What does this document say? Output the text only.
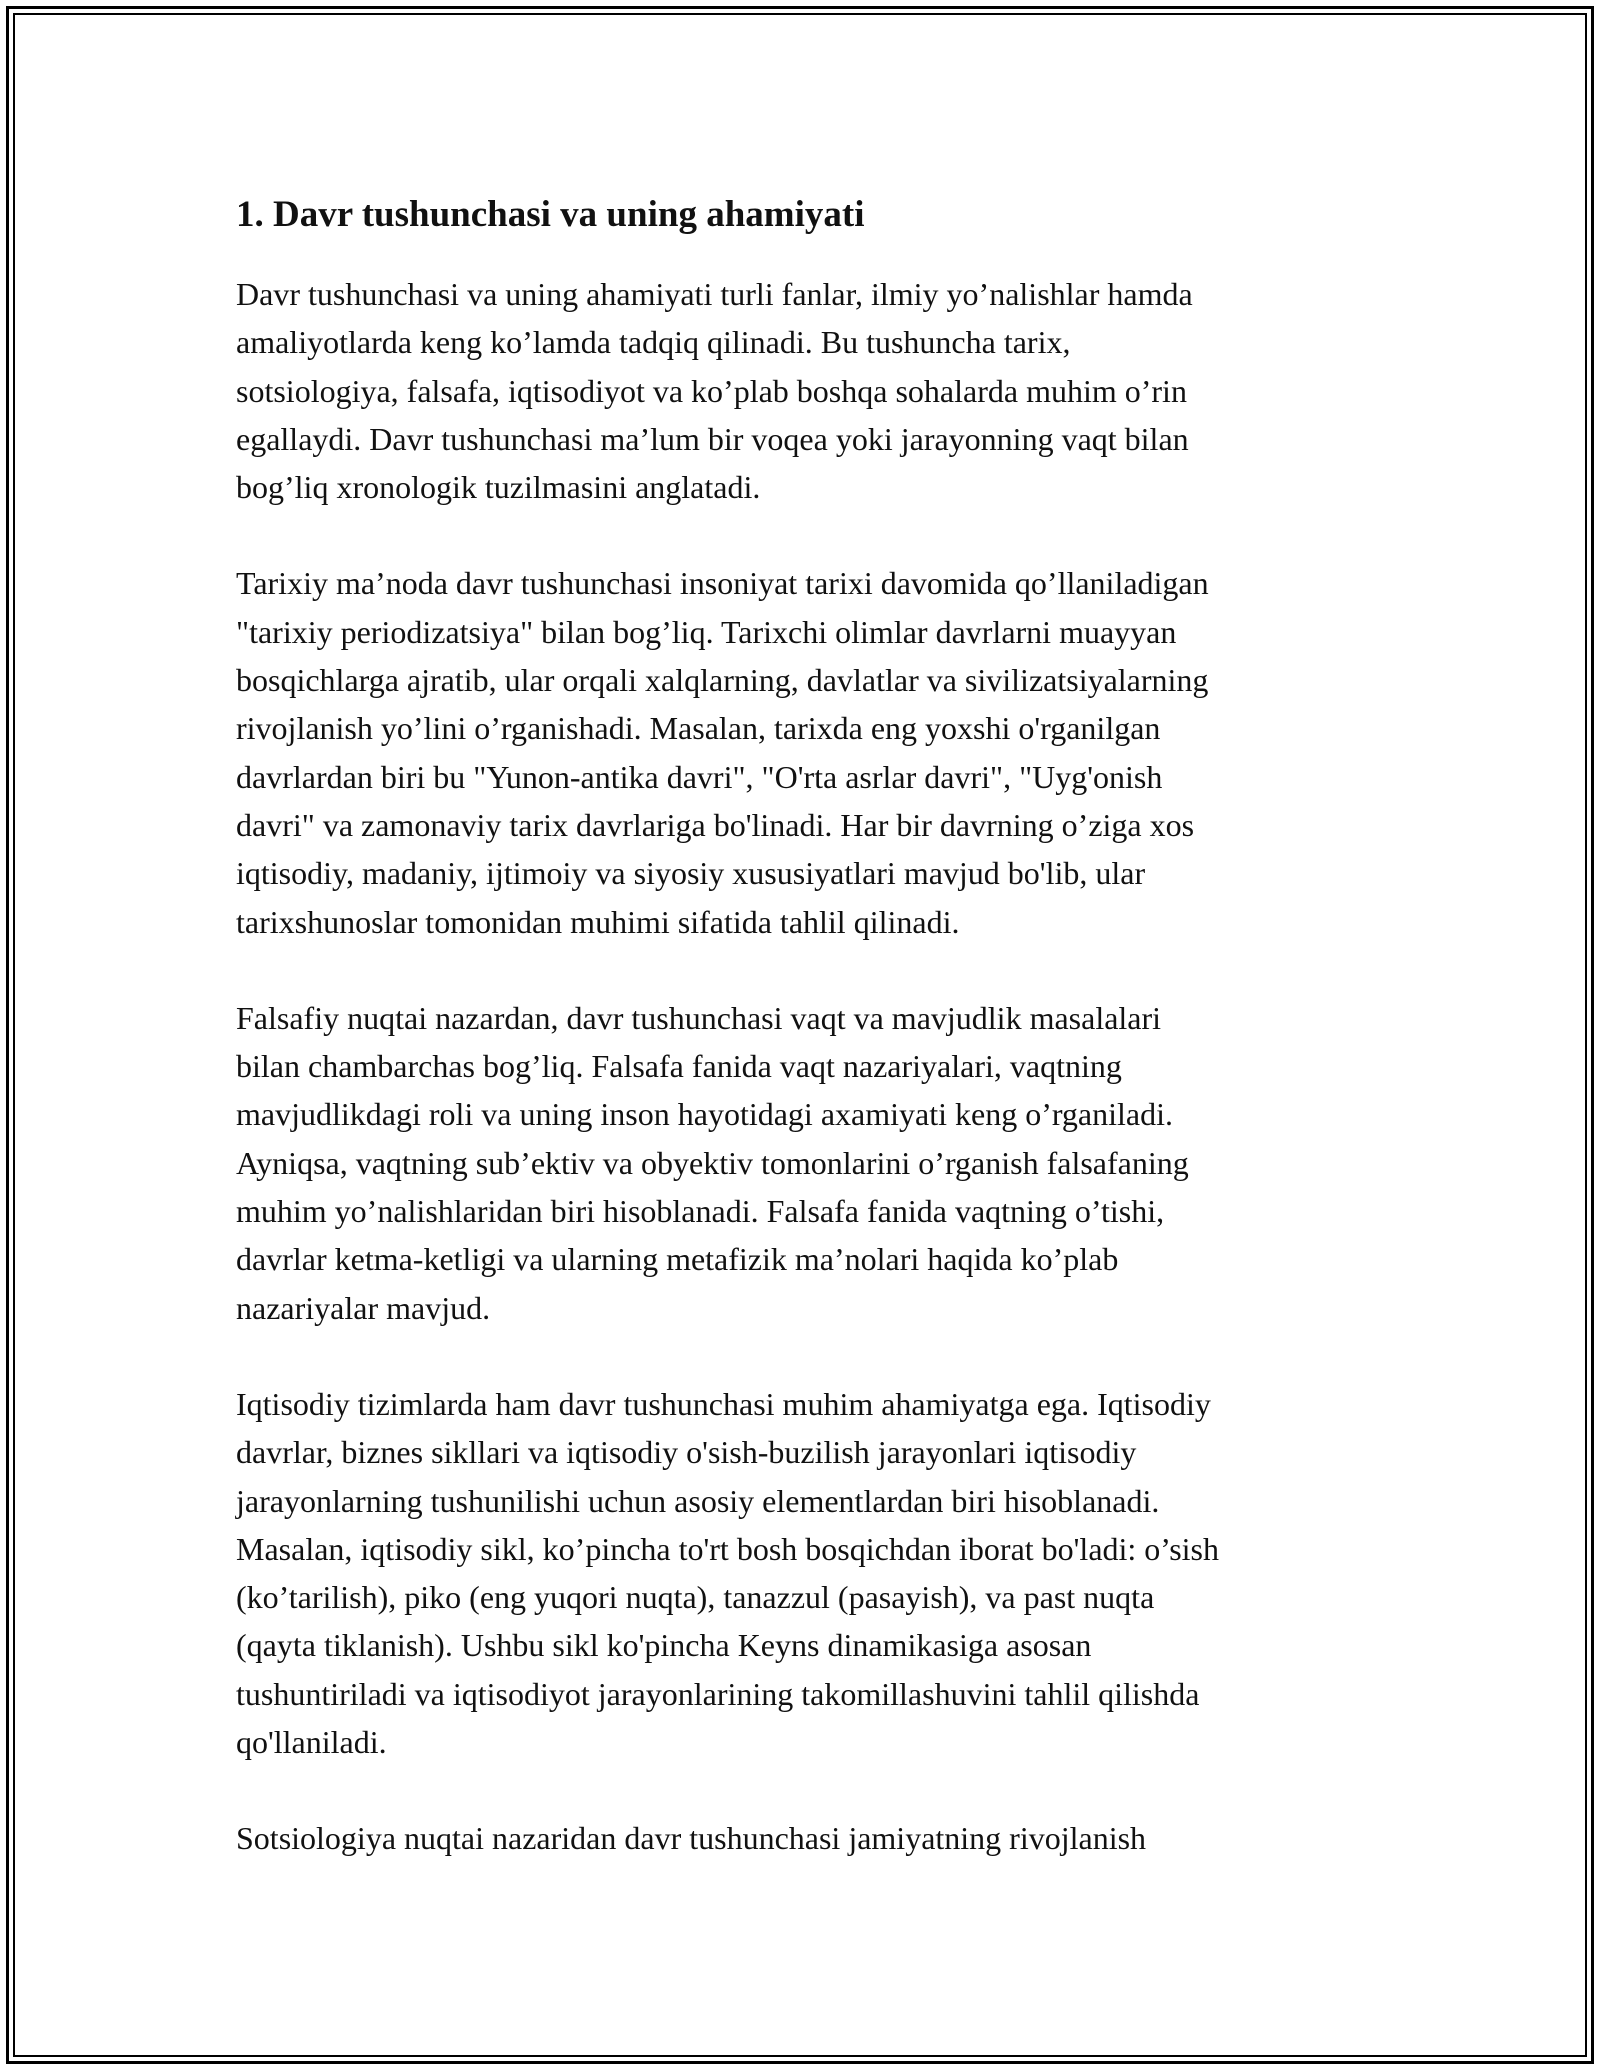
1. Davr tushunchasi va uning ahamiyati

Davr tushunchasi va uning ahamiyati turli fanlar, ilmiy yo’nalishlar hamda
amaliyotlarda keng ko’lamda tadqiq qilinadi. Bu tushuncha tarix,
sotsiologiya, falsafa, iqtisodiyot va ko’plab boshqa sohalarda muhim o’rin
egallaydi. Davr tushunchasi ma’lum bir voqea yoki jarayonning vaqt bilan
bog’liq xronologik tuzilmasini anglatadi.

Tarixiy ma’noda davr tushunchasi insoniyat tarixi davomida qo’llaniladigan
"tarixiy periodizatsiya" bilan bog’liq. Tarixchi olimlar davrlarni muayyan
bosqichlarga ajratib, ular orqali xalqlarning, davlatlar va sivilizatsiyalarning
rivojlanish yo’lini o’rganishadi. Masalan, tarixda eng yoxshi o'rganilgan
davrlardan biri bu "Yunon-antika davri", "O'rta asrlar davri", "Uyg'onish
davri" va zamonaviy tarix davrlariga bo'linadi. Har bir davrning o’ziga xos
iqtisodiy, madaniy, ijtimoiy va siyosiy xususiyatlari mavjud bo'lib, ular
tarixshunoslar tomonidan muhimi sifatida tahlil qilinadi.

Falsafiy nuqtai nazardan, davr tushunchasi vaqt va mavjudlik masalalari
bilan chambarchas bog’liq. Falsafa fanida vaqt nazariyalari, vaqtning
mavjudlikdagi roli va uning inson hayotidagi axamiyati keng o’rganiladi.
Ayniqsa, vaqtning sub’ektiv va obyektiv tomonlarini o’rganish falsafaning
muhim yo’nalishlaridan biri hisoblanadi. Falsafa fanida vaqtning o’tishi,
davrlar ketma-ketligi va ularning metafizik ma’nolari haqida ko’plab
nazariyalar mavjud.

Iqtisodiy tizimlarda ham davr tushunchasi muhim ahamiyatga ega. Iqtisodiy
davrlar, biznes sikllari va iqtisodiy o'sish-buzilish jarayonlari iqtisodiy
jarayonlarning tushunilishi uchun asosiy elementlardan biri hisoblanadi.
Masalan, iqtisodiy sikl, ko’pincha to'rt bosh bosqichdan iborat bo'ladi: o’sish
(ko’tarilish), piko (eng yuqori nuqta), tanazzul (pasayish), va past nuqta
(qayta tiklanish). Ushbu sikl ko'pincha Keyns dinamikasiga asosan
tushuntiriladi va iqtisodiyot jarayonlarining takomillashuvini tahlil qilishda
qo'llaniladi.

Sotsiologiya nuqtai nazaridan davr tushunchasi jamiyatning rivojlanish
